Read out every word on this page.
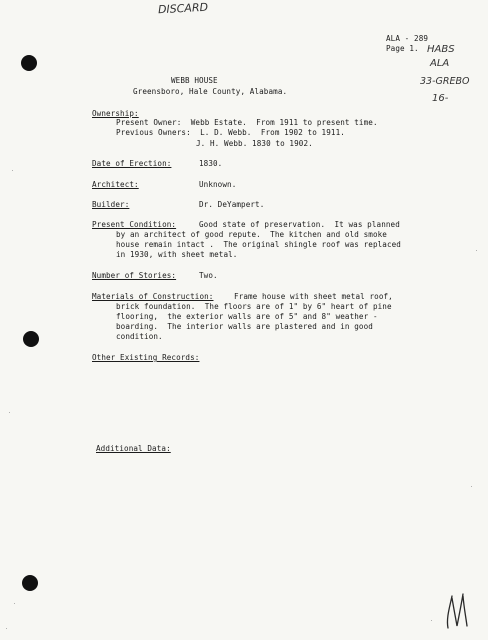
DISCARD
ALA - 289
Page 1. HABS
ALA
33-GREBO
16-
WEBB HOUSE
Greensboro, Hale County, Alabama.
Ownership:
Present Owner:  Webb Estate.  From 1911 to present time.
Previous Owners:  L. D. Webb.  From 1902 to 1911.
J. H. Webb. 1830 to 1902.
Date of Erection:	1830.
Architect:	Unknown.
Builder:	Dr. DeYampert.
Present Condition:	Good state of preservation.  It was planned
by an architect of good repute.  The kitchen and old smoke
house remain intact .  The original shingle roof was replaced
in 1930, with sheet metal.
Number of Stories:	Two.
Materials of Construction:	Frame house with sheet metal roof,
brick foundation.  The floors are of 1" by 6" heart of pine
flooring,  the exterior walls are of 5" and 8" weather -
boarding.  The interior walls are plastered and in good
condition.
Other Existing Records:
Additional Data:
